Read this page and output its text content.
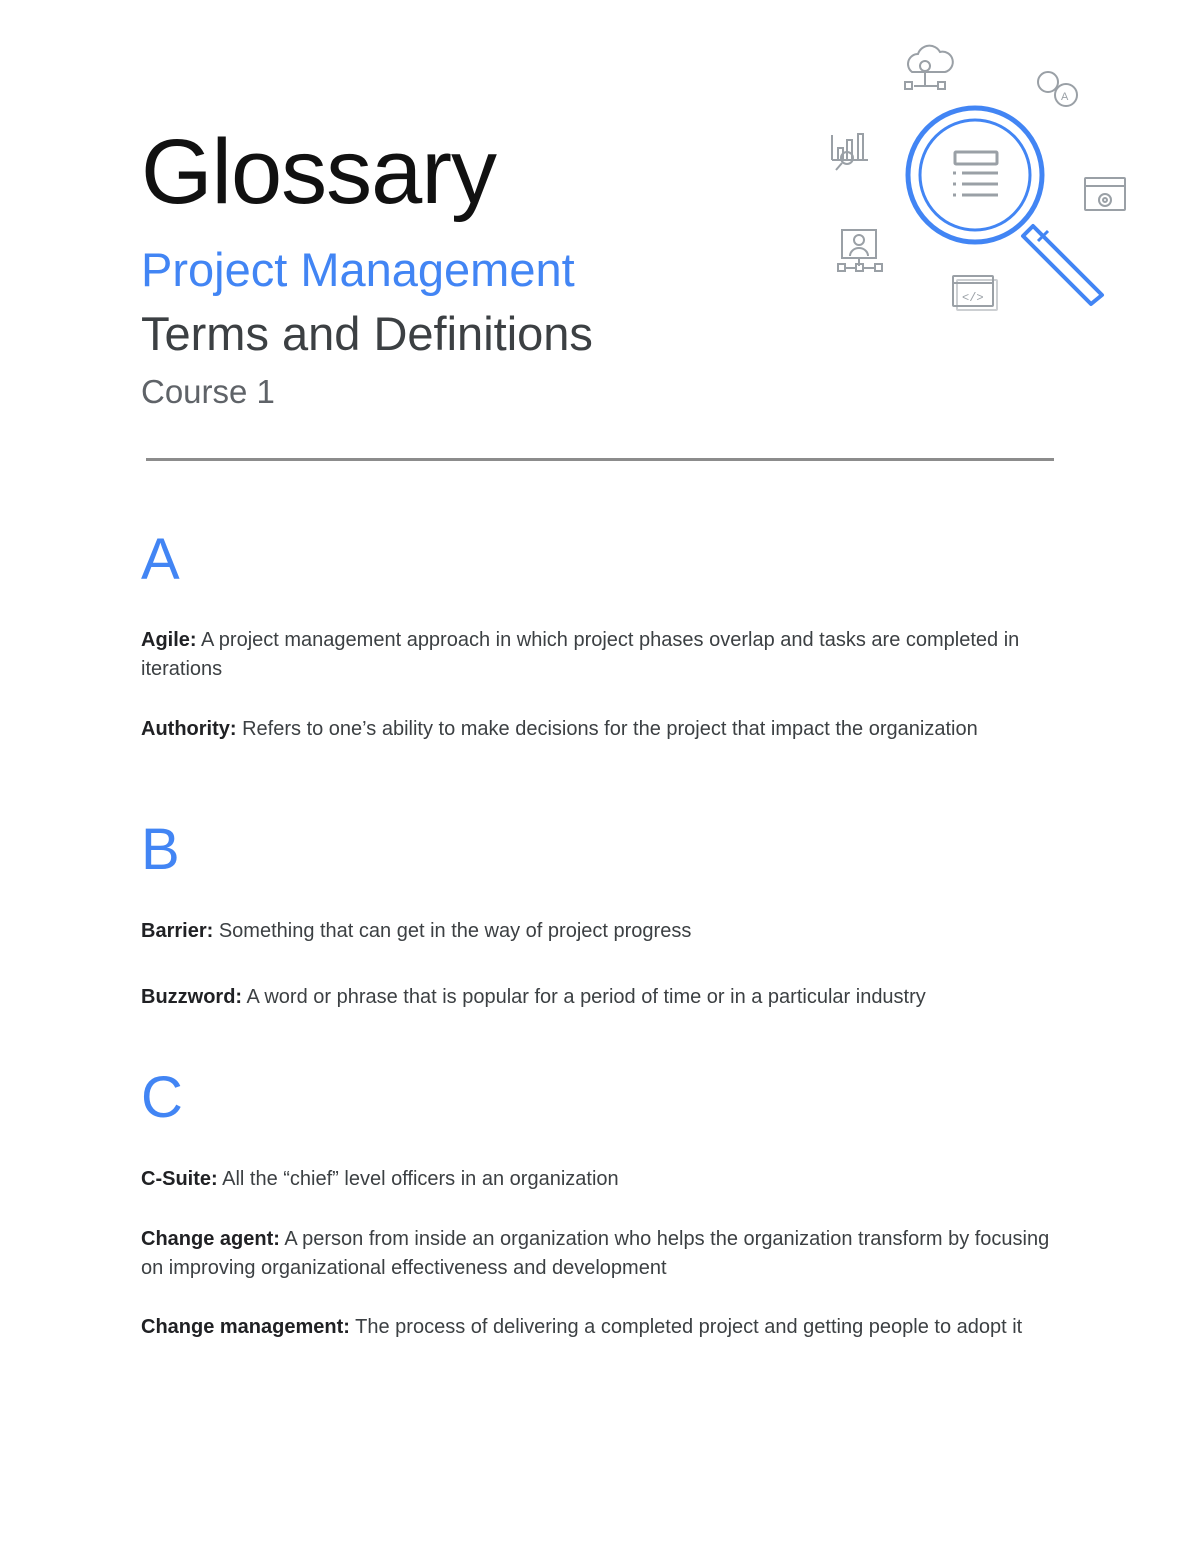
Glossary
Project Management
Terms and Definitions
Course 1
A
</>
A

Agile: A project management approach in which project phases overlap and tasks are completed in iterations

Authority: Refers to one’s ability to make decisions for the project that impact the organization

B

Barrier: Something that can get in the way of project progress

Buzzword: A word or phrase that is popular for a period of time or in a particular industry

C

C-Suite: All the “chief” level officers in an organization

Change agent: A person from inside an organization who helps the organization transform by focusing on improving organizational effectiveness and development

Change management: The process of delivering a completed project and getting people to adopt it
